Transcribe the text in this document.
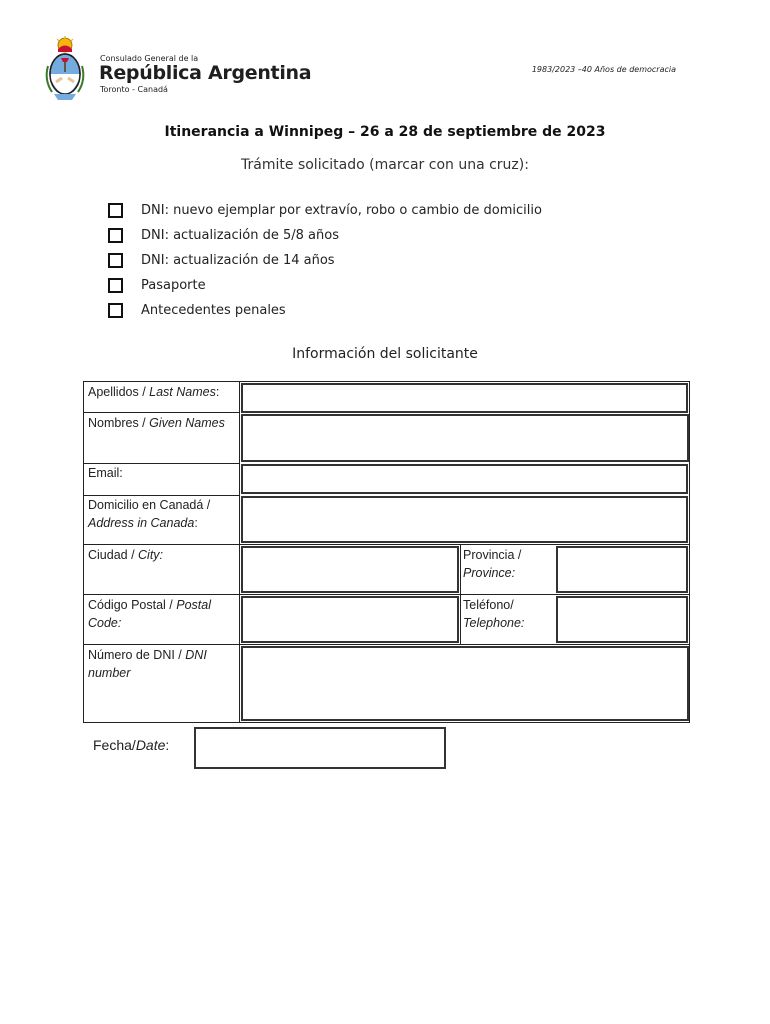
Consulado General de la
República Argentina
Toronto - Canadá
1983/2023 –40 Años de democracia
Itinerancia a Winnipeg – 26 a 28 de septiembre de 2023
Trámite solicitado (marcar con una cruz):
DNI: nuevo ejemplar por extravío, robo o cambio de domicilio
DNI: actualización de 5/8 años
DNI: actualización de 14 años
Pasaporte
Antecedentes penales
Información del solicitante
Apellidos / Last Names:
Nombres / Given Names
Email:
Domicilio en Canadá / Address in Canada:
Ciudad / City:	Provincia / Province:
Código Postal / Postal Code:
Teléfono/ Telephone:
Número de DNI / DNI number
Fecha/Date:
